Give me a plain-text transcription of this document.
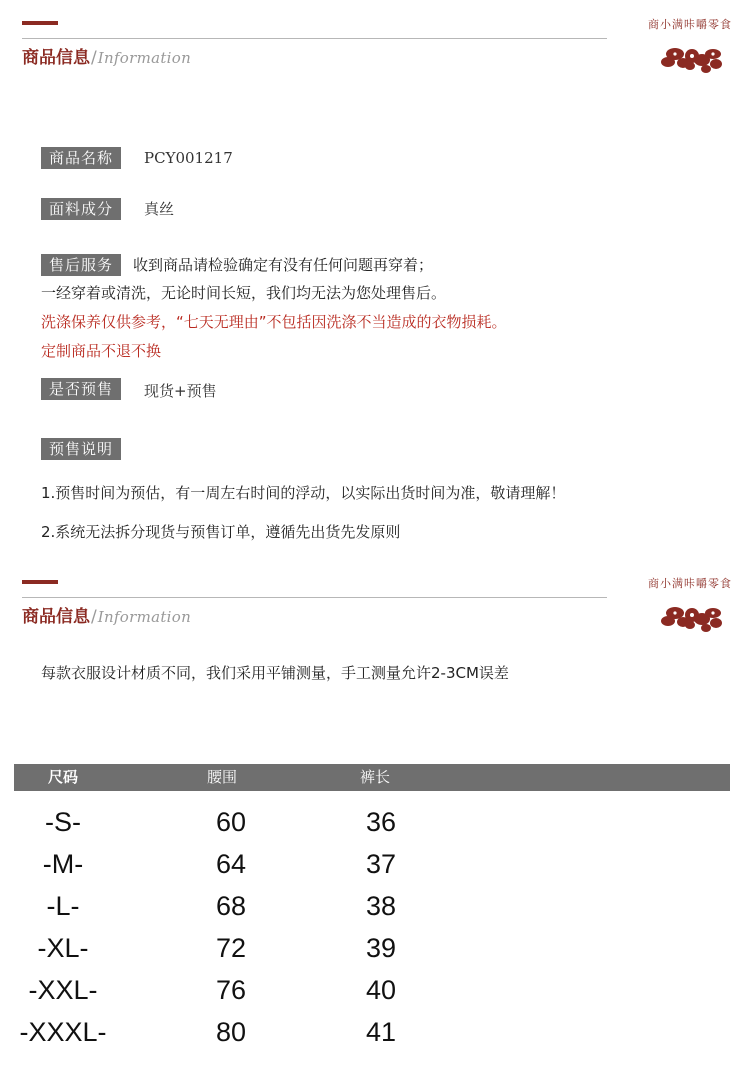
商品信息/Information
商小满咔嚼零食
商品名称	PCY001217
面料成分	真丝
售后服务	收到商品请检验确定有没有任何问题再穿着；
一经穿着或清洗，无论时间长短，我们均无法为您处理售后。
洗涤保养仅供参考，“七天无理由”不包括因洗涤不当造成的衣物损耗。
定制商品不退不换
是否预售	现货+预售
预售说明
1.预售时间为预估，有一周左右时间的浮动，以实际出货时间为准，敬请理解！
2.系统无法拆分现货与预售订单，遵循先出货先发原则
商品信息/Information
商小满咔嚼零食
每款衣服设计材质不同，我们采用平铺测量，手工测量允许2-3CM误差
尺码	腰围	裤长
-S-	60	36
-M-	64	37
-L-	68	38
-XL-	72	39
-XXL-	76	40
-XXXL-	80	41
